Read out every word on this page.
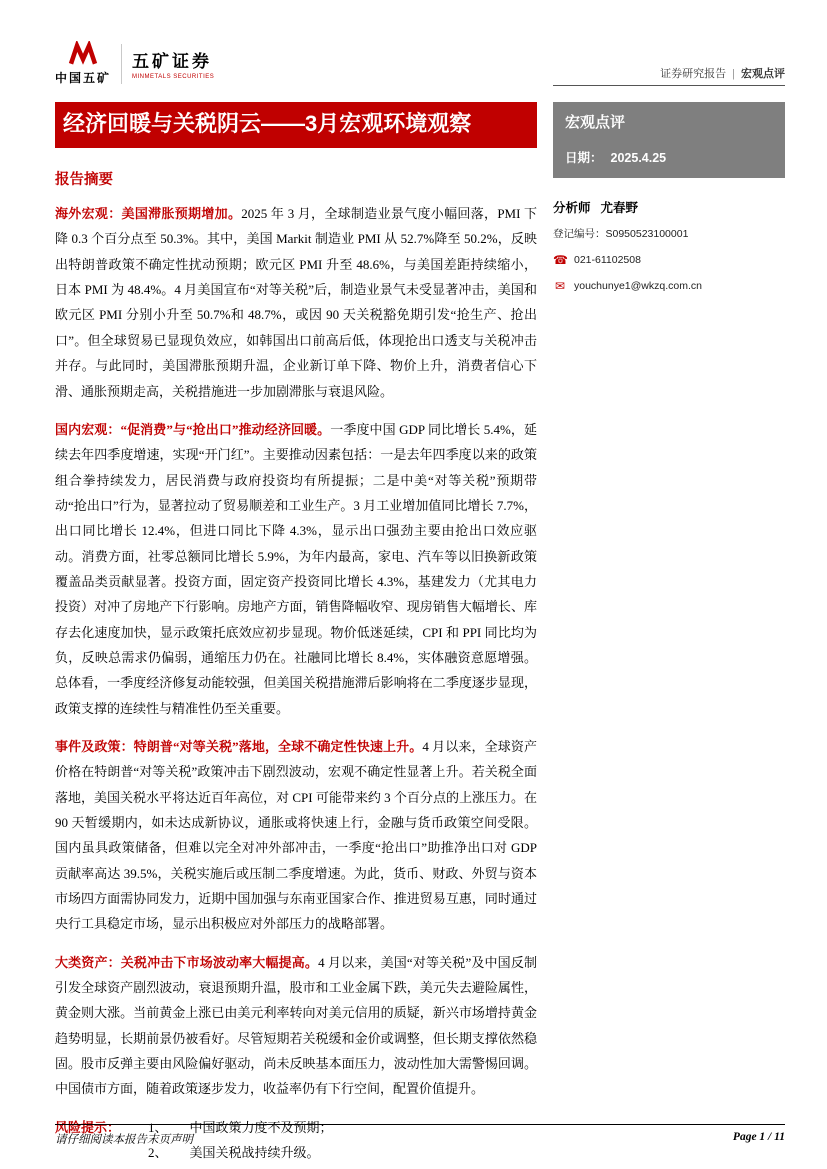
中国五矿
五矿证券
MINMETALS SECURITIES	证券研究报告 | 宏观点评
经济回暖与关税阴云——3月宏观环境观察
报告摘要

海外宏观：美国滞胀预期增加。2025 年 3 月，全球制造业景气度小幅回落，PMI 下降 0.3 个百分点至 50.3%。其中，美国 Markit 制造业 PMI 从 52.7%降至 50.2%，反映出特朗普政策不确定性扰动预期；欧元区 PMI 升至 48.6%，与美国差距持续缩小，日本 PMI 为 48.4%。4 月美国宣布“对等关税”后，制造业景气未受显著冲击，美国和欧元区 PMI 分别小升至 50.7%和 48.7%，或因 90 天关税豁免期引发“抢生产、抢出口”。但全球贸易已显现负效应，如韩国出口前高后低，体现抢出口透支与关税冲击并存。与此同时，美国滞胀预期升温，企业新订单下降、物价上升，消费者信心下滑、通胀预期走高，关税措施进一步加剧滞胀与衰退风险。

国内宏观：“促消费”与“抢出口”推动经济回暖。一季度中国 GDP 同比增长 5.4%，延续去年四季度增速，实现“开门红”。主要推动因素包括：一是去年四季度以来的政策组合拳持续发力，居民消费与政府投资均有所提振；二是中美“对等关税”预期带动“抢出口”行为，显著拉动了贸易顺差和工业生产。3 月工业增加值同比增长 7.7%，出口同比增长 12.4%，但进口同比下降 4.3%，显示出口强劲主要由抢出口效应驱动。消费方面，社零总额同比增长 5.9%，为年内最高，家电、汽车等以旧换新政策覆盖品类贡献显著。投资方面，固定资产投资同比增长 4.3%，基建发力（尤其电力投资）对冲了房地产下行影响。房地产方面，销售降幅收窄、现房销售大幅增长、库存去化速度加快，显示政策托底效应初步显现。物价低迷延续，CPI 和 PPI 同比均为负，反映总需求仍偏弱，通缩压力仍在。社融同比增长 8.4%，实体融资意愿增强。总体看，一季度经济修复动能较强，但美国关税措施滞后影响将在二季度逐步显现，政策支撑的连续性与精准性仍至关重要。

事件及政策：特朗普“对等关税”落地，全球不确定性快速上升。4 月以来，全球资产价格在特朗普“对等关税”政策冲击下剧烈波动，宏观不确定性显著上升。若关税全面落地，美国关税水平将达近百年高位，对 CPI 可能带来约 3 个百分点的上涨压力。在 90 天暂缓期内，如未达成新协议，通胀或将快速上行，金融与货币政策空间受限。国内虽具政策储备，但难以完全对冲外部冲击，一季度“抢出口”助推净出口对 GDP 贡献率高达 39.5%，关税实施后或压制二季度增速。为此，货币、财政、外贸与资本市场四方面需协同发力，近期中国加强与东南亚国家合作、推进贸易互惠，同时通过央行工具稳定市场，显示出积极应对外部压力的战略部署。

大类资产：关税冲击下市场波动率大幅提高。4 月以来，美国“对等关税”及中国反制引发全球资产剧烈波动，衰退预期升温，股市和工业金属下跌，美元失去避险属性，黄金则大涨。当前黄金上涨已由美元利率转向对美元信用的质疑，新兴市场增持黄金趋势明显，长期前景仍被看好。尽管短期若关税缓和金价或调整，但长期支撑依然稳固。股市反弹主要由风险偏好驱动，尚未反映基本面压力，波动性加大需警惕回调。中国债市方面，随着政策逐步发力，收益率仍有下行空间，配置价值提升。

风险提示： 1、 中国政策力度不及预期；
2、 美国关税战持续升级。
宏观点评
日期： 2025.4.25
分析师 尤春野
登记编号：S0950523100001
☎ 021-61102508
✉ youchunye1@wkzq.com.cn
请仔细阅读本报告末页声明	Page 1 / 11
